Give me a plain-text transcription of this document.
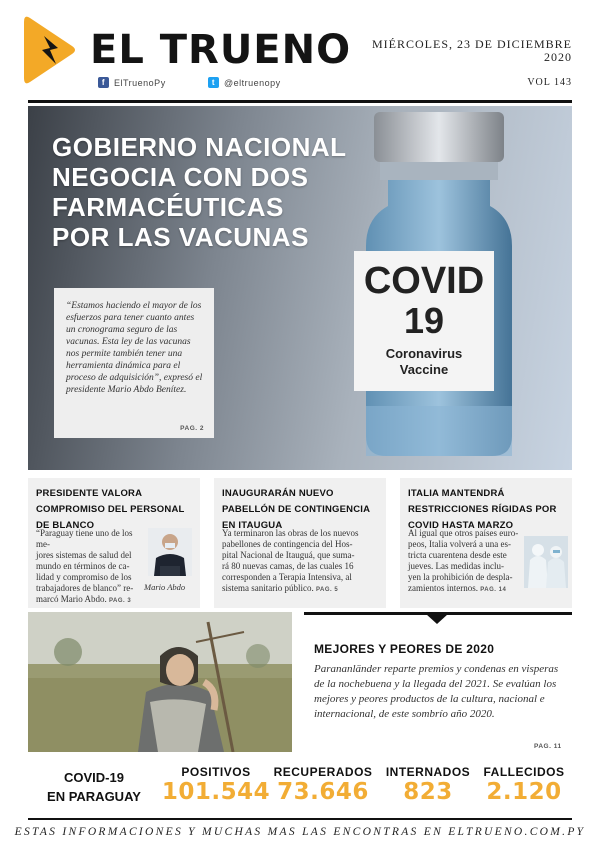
EL TRUENO
f ElTruenoPy	t @eltruenopy
MIÉRCOLES, 23 DE DICIEMBRE
2020
VOL 143
COVID
19
Coronavirus
Vaccine
GOBIERNO NACIONAL
NEGOCIA CON DOS
FARMACÉUTICAS
POR LAS VACUNAS
“Estamos haciendo el mayor de los esfuerzos para tener cuanto antes un cronograma seguro de las vacunas. Esta ley de las vacunas nos permite también tener una herramienta dinámica para el proceso de adquisición”, expresó el presidente Mario Abdo Benítez.
PAG. 2
PRESIDENTE VALORA COMPROMISO DEL PERSONAL DE BLANCO
“Paraguay tiene uno de los me-
jores sistemas de salud del
mundo en términos de ca-
lidad y compromiso de los
trabajadores de blanco” re-
marcó Mario Abdo. PAG. 3
Mario Abdo
INAUGURARÁN NUEVO PABELLÓN DE CONTINGENCIA EN ITAUGUA
Ya terminaron las obras de los nuevos
pabellones de contingencia del Hos-
pital Nacional de Itauguá, que suma-
rá 80 nuevas camas, de las cuales 16
corresponden a Terapia Intensiva, al
sistema sanitario público. PAG. 5
ITALIA MANTENDRÁ RESTRICCIONES RÍGIDAS POR COVID HASTA MARZO
Al igual que otros países euro-
peos, Italia volverá a una es-
tricta cuarentena desde este
jueves. Las medidas inclu-
yen la prohibición de despla-
zamientos internos. PAG. 14
MEJORES Y PEORES DE 2020
Parananländer reparte premios y condenas en visperas de la nochebuena y la llegada del 2021. Se evalúan los mejores y peores productos de la cultura, nacional e internacional, de este sombrío año 2020.
PAG. 11
COVID-19
EN PARAGUAY
POSITIVOS
101.544
RECUPERADOS
73.646
INTERNADOS
823
FALLECIDOS
2.120
ESTAS INFORMACIONES Y MUCHAS MAS LAS ENCONTRAS EN ELTRUENO.COM.PY
